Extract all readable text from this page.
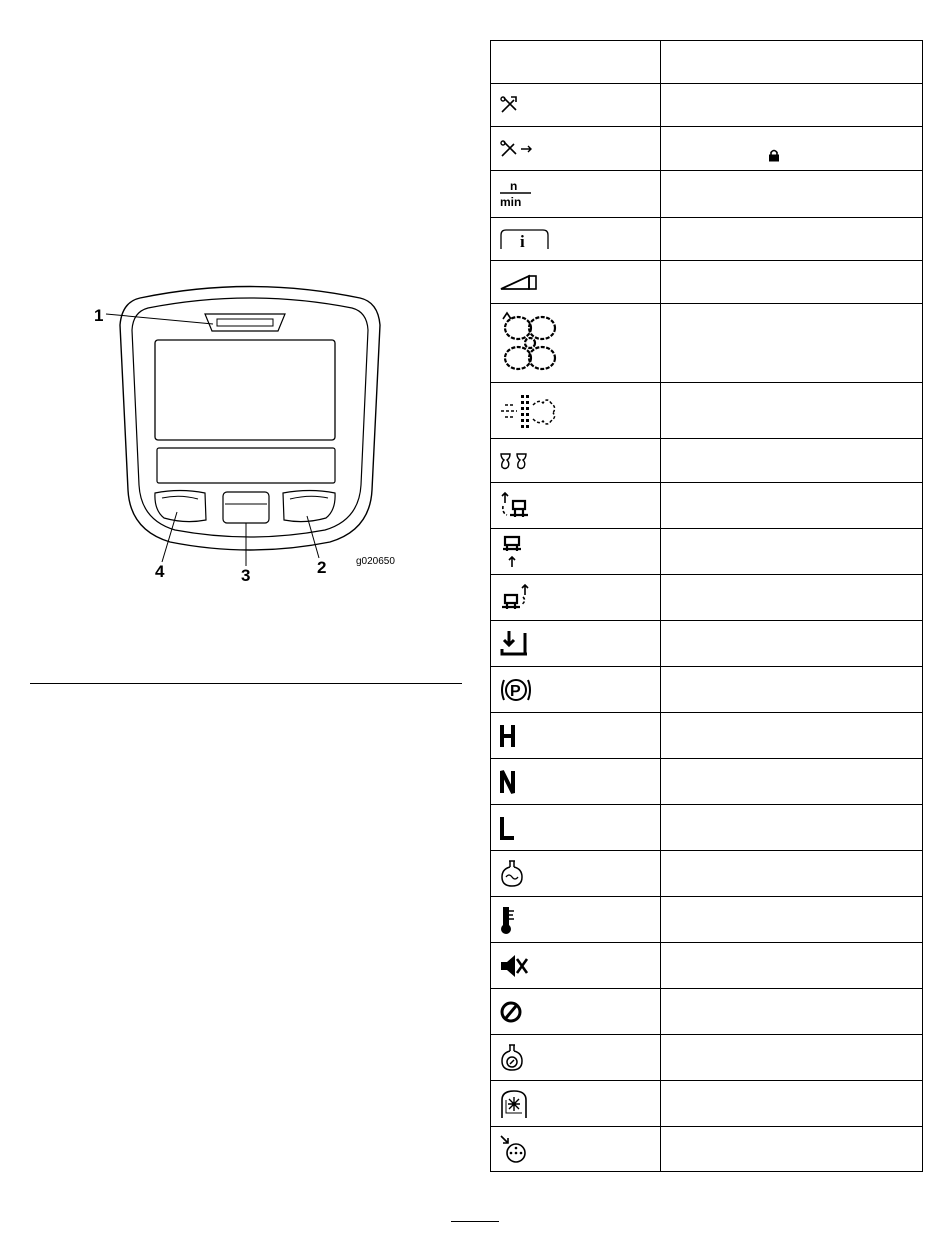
1
2
3
4
g020650

n
min	

i	

P	
